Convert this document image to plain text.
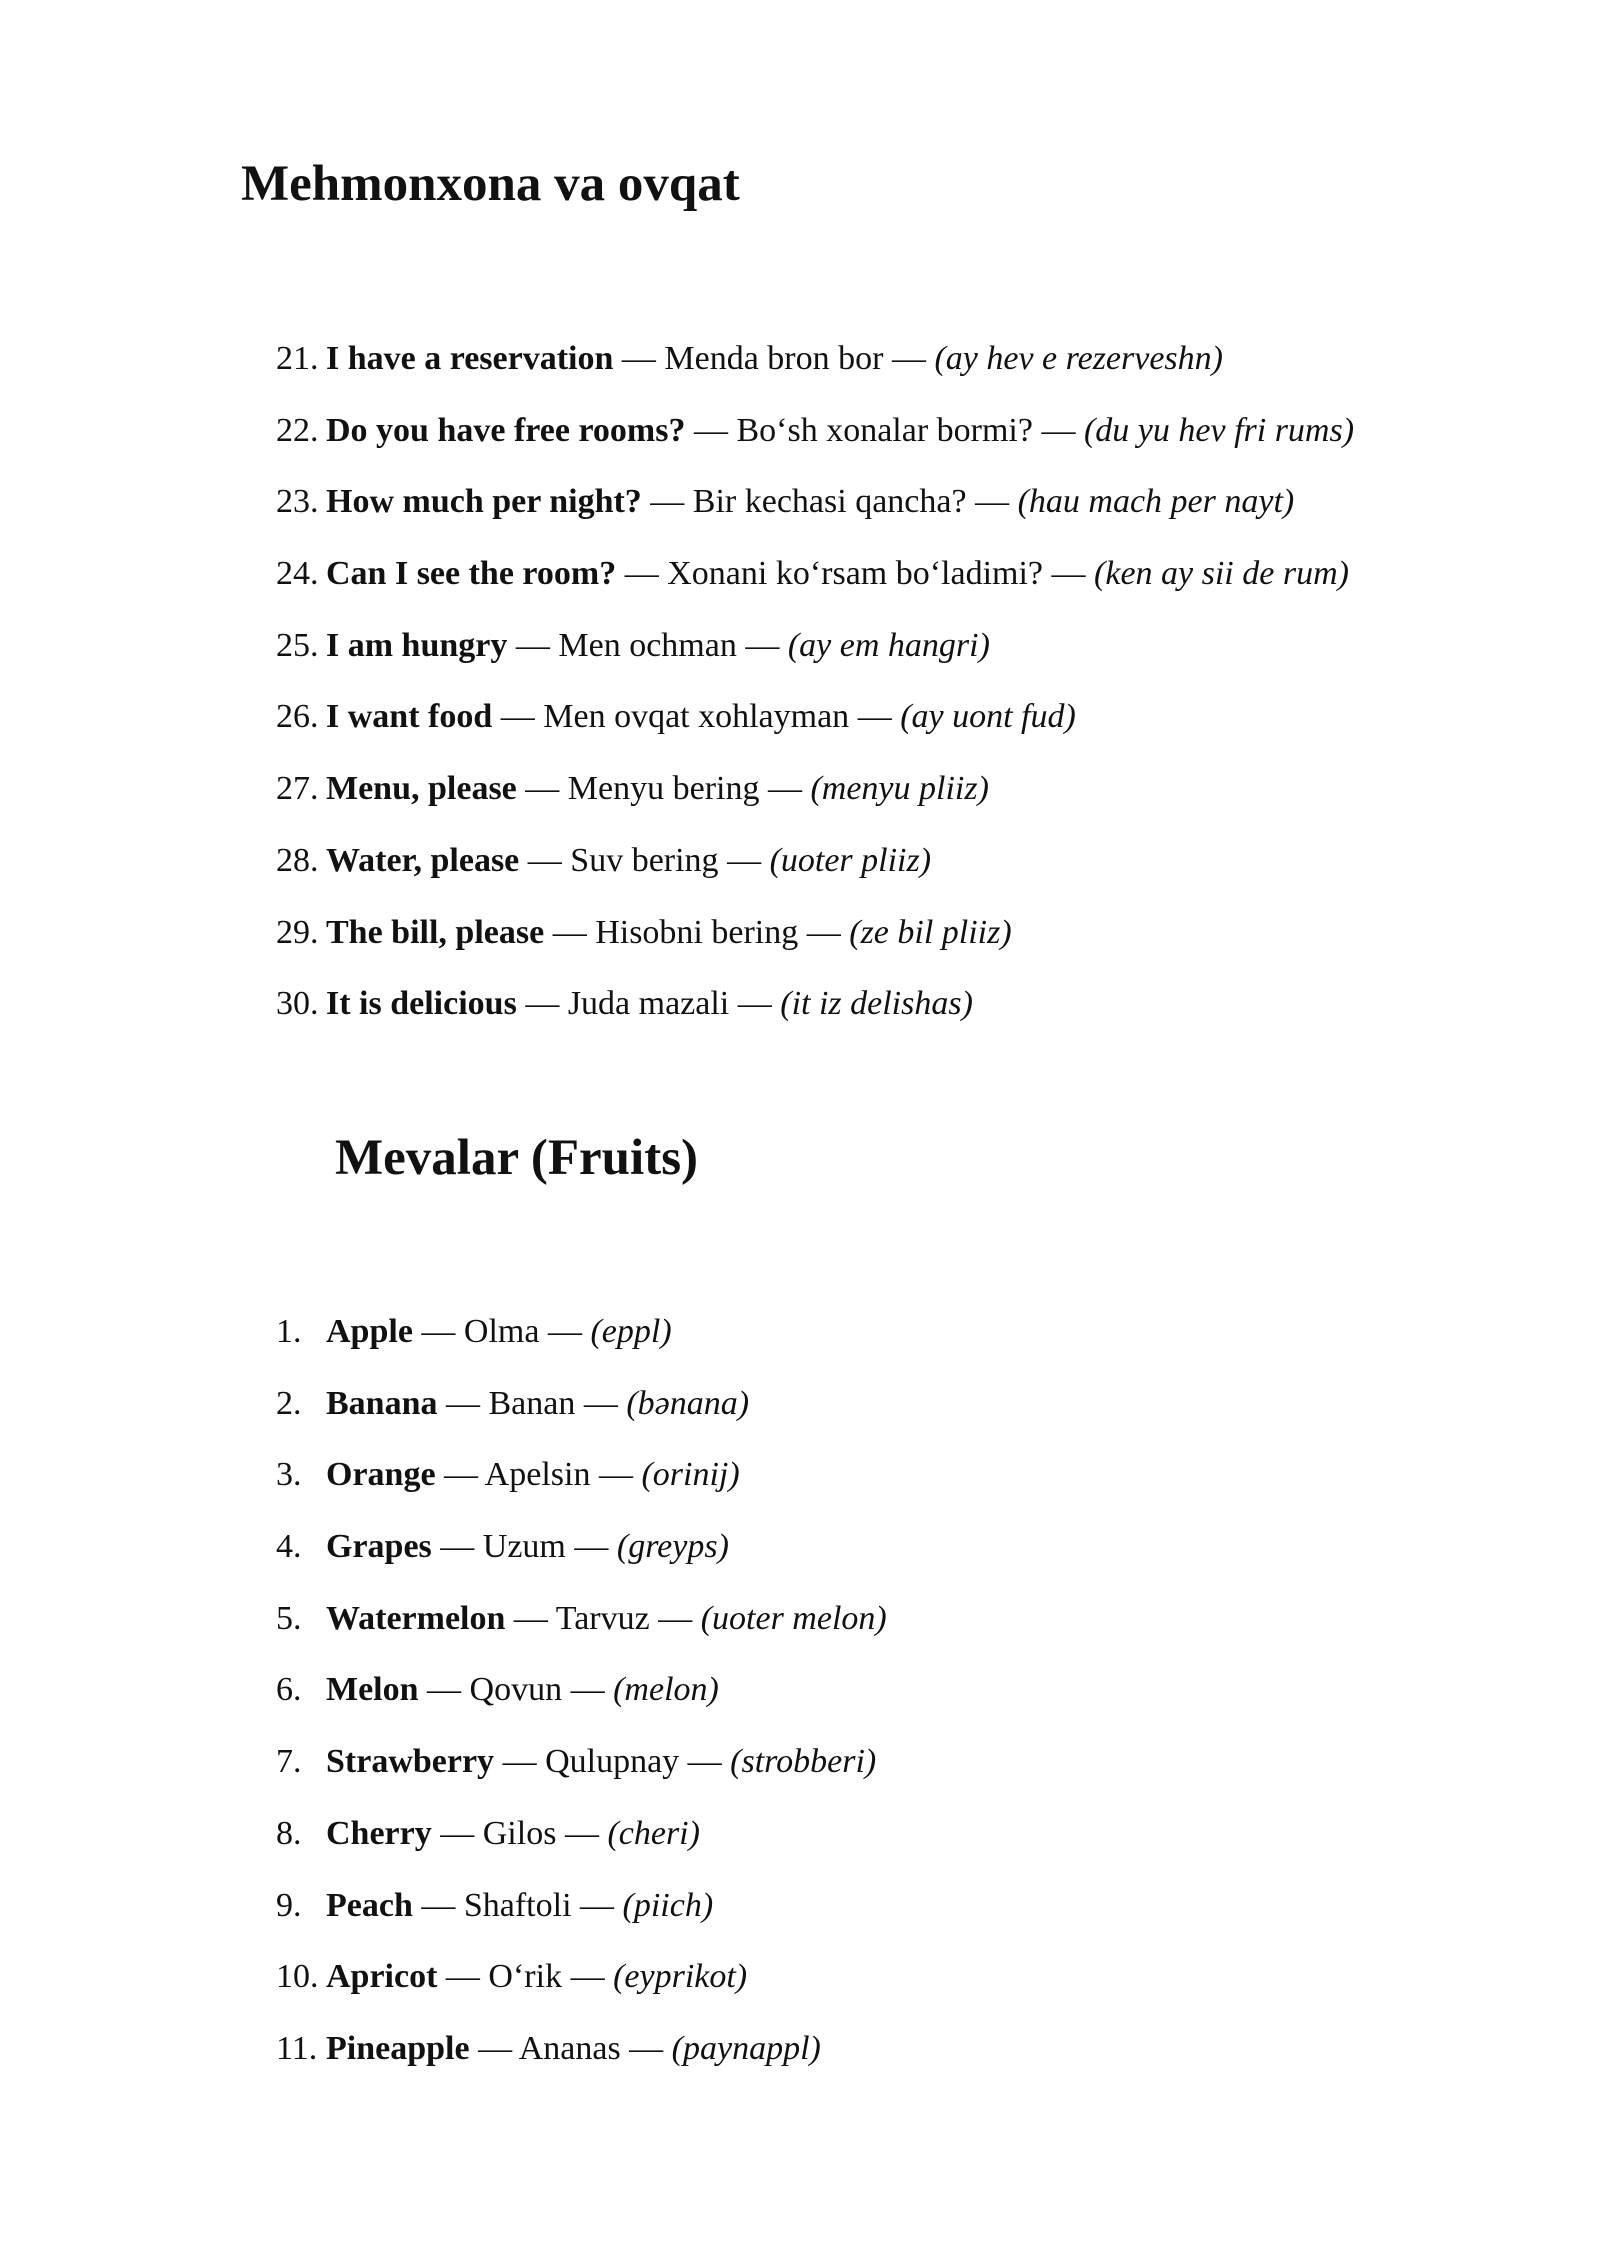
Mehmonxona va ovqat
21. I have a reservation — Menda bron bor — (ay hev e rezerveshn)
22. Do you have free rooms? — Bo‘sh xonalar bormi? — (du yu hev fri rums)
23. How much per night? — Bir kechasi qancha? — (hau mach per nayt)
24. Can I see the room? — Xonani ko‘rsam bo‘ladimi? — (ken ay sii de rum)
25. I am hungry — Men ochman — (ay em hangri)
26. I want food — Men ovqat xohlayman — (ay uont fud)
27. Menu, please — Menyu bering — (menyu pliiz)
28. Water, please — Suv bering — (uoter pliiz)
29. The bill, please — Hisobni bering — (ze bil pliiz)
30. It is delicious — Juda mazali — (it iz delishas)
Mevalar (Fruits)
1. Apple — Olma — (eppl)
2. Banana — Banan — (bənana)
3. Orange — Apelsin — (orinij)
4. Grapes — Uzum — (greyps)
5. Watermelon — Tarvuz — (uoter melon)
6. Melon — Qovun — (melon)
7. Strawberry — Qulupnay — (strobberi)
8. Cherry — Gilos — (cheri)
9. Peach — Shaftoli — (piich)
10. Apricot — O‘rik — (eyprikot)
11. Pineapple — Ananas — (paynappl)
